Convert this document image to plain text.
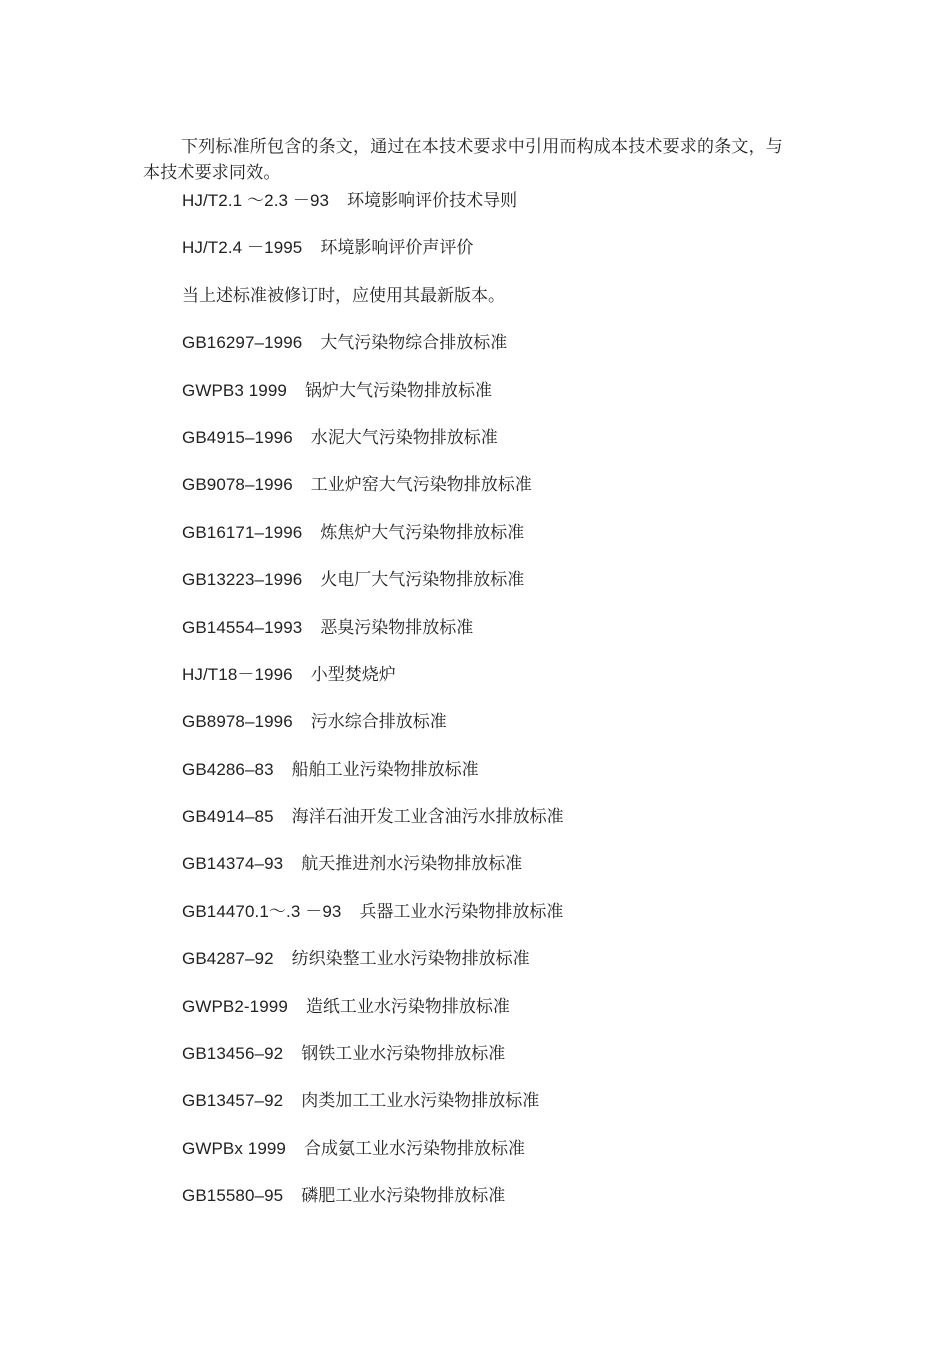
下列标准所包含的条文，通过在本技术要求中引用而构成本技术要求的条文，与本技术要求同效。

HJ/T2.1 ～2.3 －93 环境影响评价技术导则
HJ/T2.4 －1995 环境影响评价声评价
当上述标准被修订时，应使用其最新版本。
GB16297–1996 大气污染物综合排放标准
GWPB3 1999 锅炉大气污染物排放标准
GB4915–1996 水泥大气污染物排放标准
GB9078–1996 工业炉窑大气污染物排放标准
GB16171–1996 炼焦炉大气污染物排放标准
GB13223–1996 火电厂大气污染物排放标准
GB14554–1993 恶臭污染物排放标准
HJ/T18－1996 小型焚烧炉
GB8978–1996 污水综合排放标准
GB4286–83 船舶工业污染物排放标准
GB4914–85 海洋石油开发工业含油污水排放标准
GB14374–93 航天推进剂水污染物排放标准
GB14470.1～.3 －93 兵器工业水污染物排放标准
GB4287–92 纺织染整工业水污染物排放标准
GWPB2-1999 造纸工业水污染物排放标准
GB13456–92 钢铁工业水污染物排放标准
GB13457–92 肉类加工工业水污染物排放标准
GWPBx 1999 合成氨工业水污染物排放标准
GB15580–95 磷肥工业水污染物排放标准
